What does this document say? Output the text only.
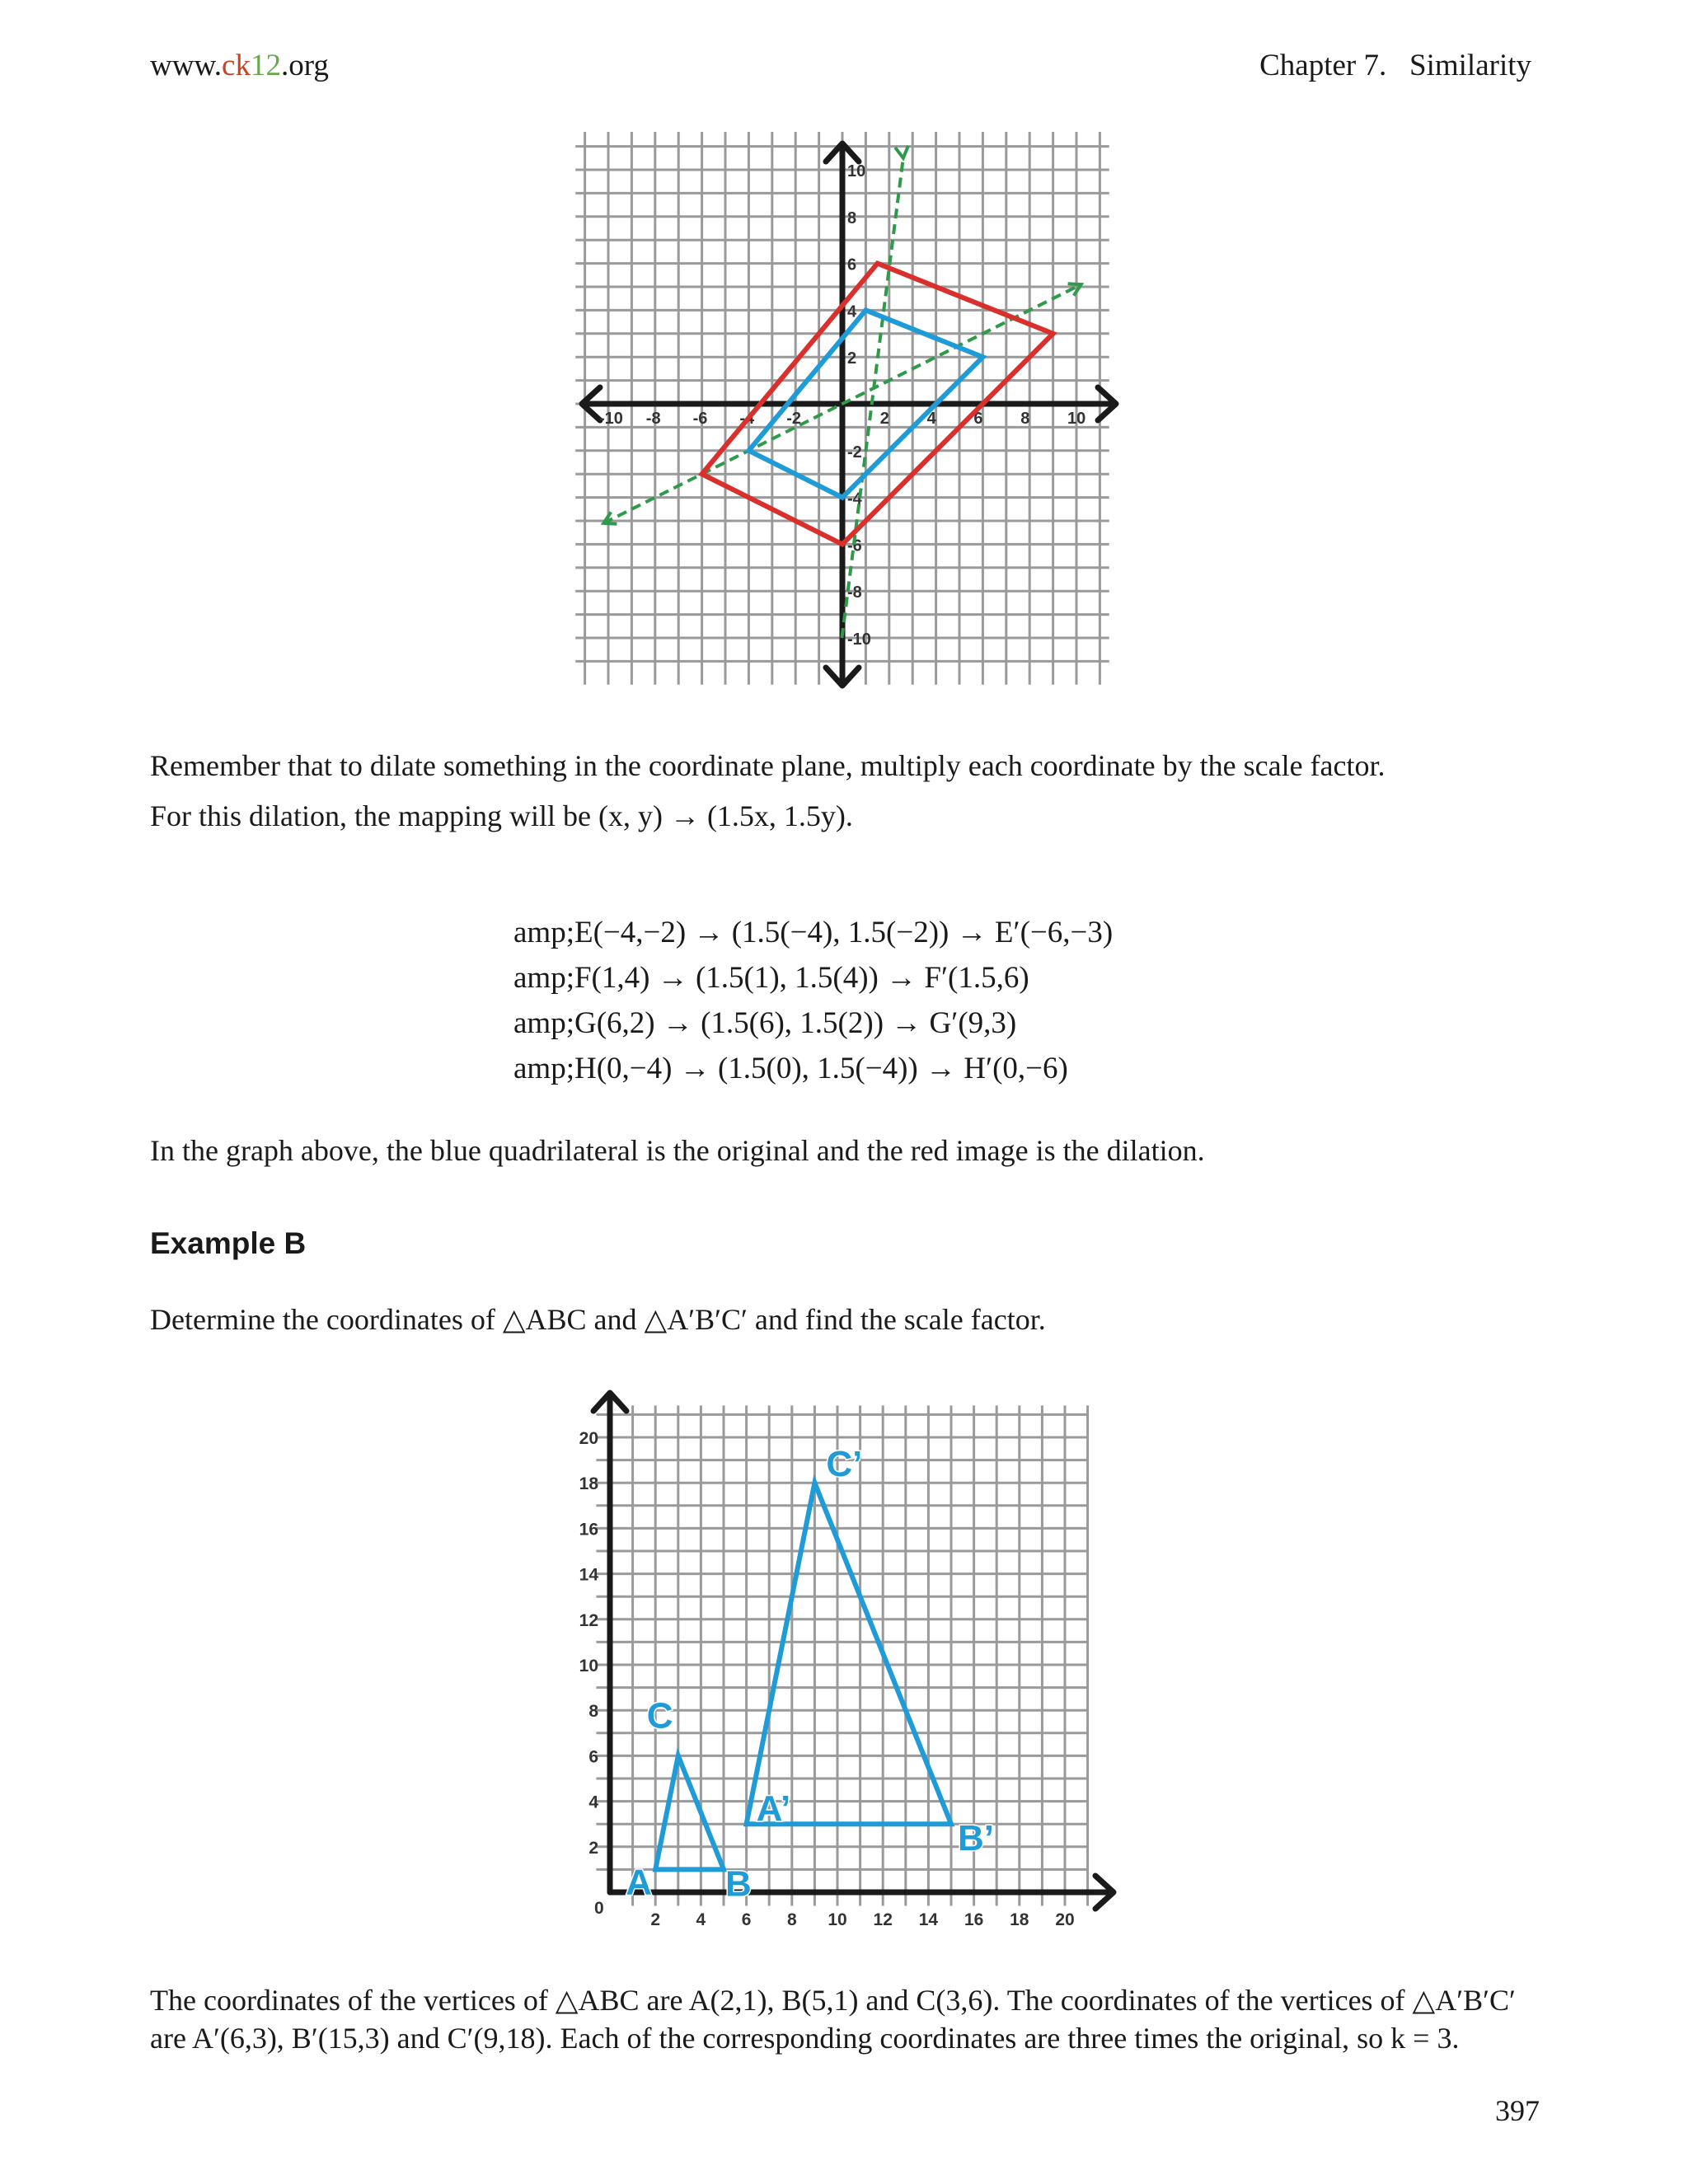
www.ck12.org	Chapter 7.   Similarity
-10 -8 -6 -4 -2	2 4 6 8 10
10
8
6
4
2
-2
-4
-6
-8
-10
Remember that to dilate something in the coordinate plane, multiply each coordinate by the scale factor.
For this dilation, the mapping will be (x, y) → (1.5x, 1.5y).
amp;E(−4,−2) → (1.5(−4), 1.5(−2)) → E′(−6,−3)
amp;F(1,4) → (1.5(1), 1.5(4)) → F′(1.5,6)
amp;G(6,2) → (1.5(6), 1.5(2)) → G′(9,3)
amp;H(0,−4) → (1.5(0), 1.5(−4)) → H′(0,−6)
In the graph above, the blue quadrilateral is the original and the red image is the dilation.
Example B
Determine the coordinates of △ABC and △A′B′C′ and find the scale factor.
2 4 6 8 10 12 14 16 18 20
20
18
16
14
12
10
8
6
4
2
0
A B
C
A’
B’
C’
The coordinates of the vertices of △ABC are A(2,1), B(5,1) and C(3,6). The coordinates of the vertices of △A′B′C′
are A′(6,3), B′(15,3) and C′(9,18). Each of the corresponding coordinates are three times the original, so k = 3.
397
